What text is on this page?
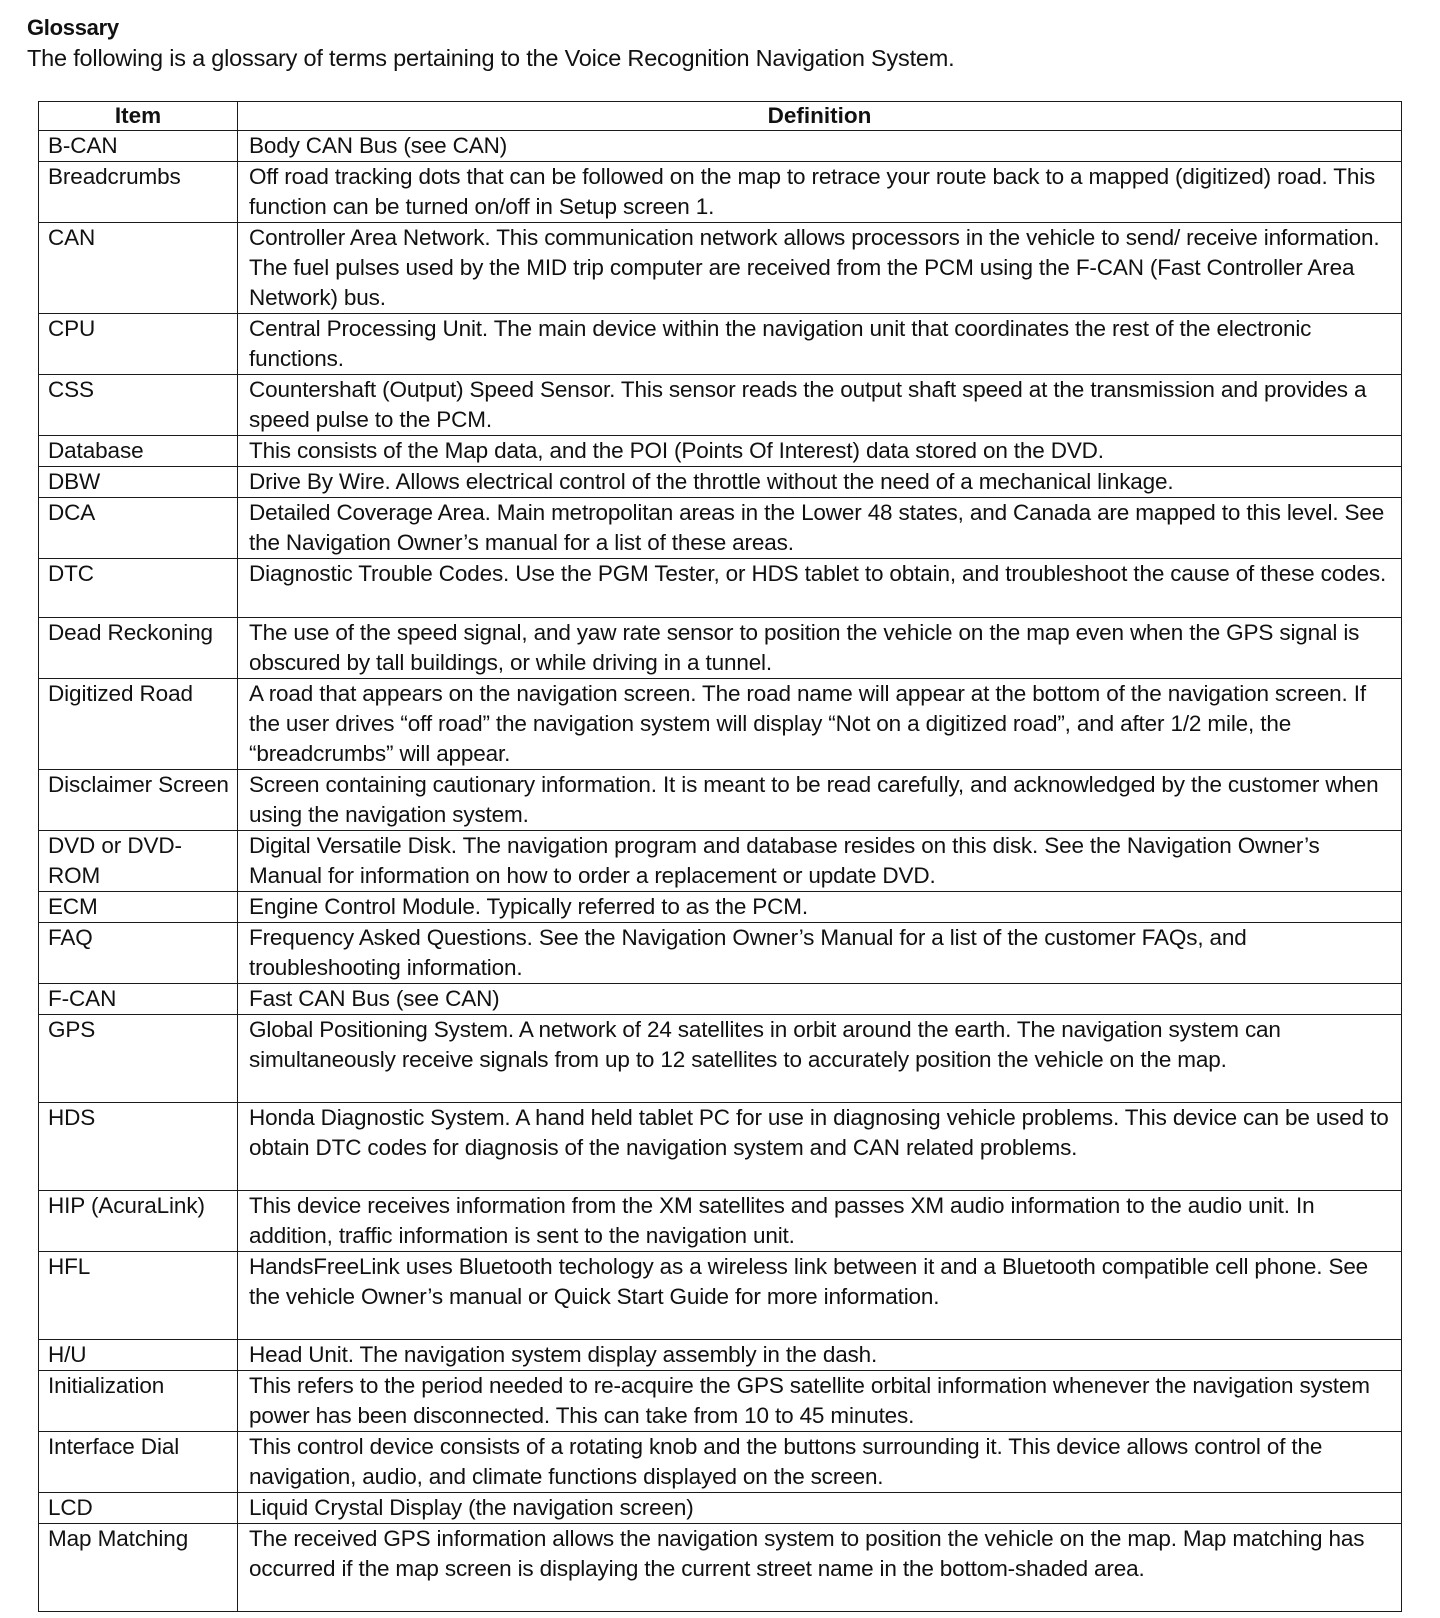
Glossary
The following is a glossary of terms pertaining to the Voice Recognition Navigation System.
Item	Definition
B-CAN	Body CAN Bus (see CAN)
Breadcrumbs	Off road tracking dots that can be followed on the map to retrace your route back to a mapped (digitized) road. This function can be turned on/off in Setup screen 1.
CAN	Controller Area Network. This communication network allows processors in the vehicle to send/ receive information. The fuel pulses used by the MID trip computer are received from the PCM using the F-CAN (Fast Controller Area Network) bus.
CPU	Central Processing Unit. The main device within the navigation unit that coordinates the rest of the electronic functions.
CSS	Countershaft (Output) Speed Sensor. This sensor reads the output shaft speed at the transmission and provides a speed pulse to the PCM.
Database	This consists of the Map data, and the POI (Points Of Interest) data stored on the DVD.
DBW	Drive By Wire. Allows electrical control of the throttle without the need of a mechanical linkage.
DCA	Detailed Coverage Area. Main metropolitan areas in the Lower 48 states, and Canada are mapped to this level. See the Navigation Owner’s manual for a list of these areas.
DTC	Diagnostic Trouble Codes. Use the PGM Tester, or HDS tablet to obtain, and troubleshoot the cause of these codes.
Dead Reckoning	The use of the speed signal, and yaw rate sensor to position the vehicle on the map even when the GPS signal is obscured by tall buildings, or while driving in a tunnel.
Digitized Road	A road that appears on the navigation screen. The road name will appear at the bottom of the navigation screen. If the user drives “off road” the navigation system will display “Not on a digitized road”, and after 1/2 mile, the “breadcrumbs” will appear.
Disclaimer Screen	Screen containing cautionary information. It is meant to be read carefully, and acknowledged by the customer when using the navigation system.
DVD or DVD-ROM	Digital Versatile Disk. The navigation program and database resides on this disk. See the Navigation Owner’s Manual for information on how to order a replacement or update DVD.
ECM	Engine Control Module. Typically referred to as the PCM.
FAQ	Frequency Asked Questions. See the Navigation Owner’s Manual for a list of the customer FAQs, and troubleshooting information.
F-CAN	Fast CAN Bus (see CAN)
GPS	Global Positioning System. A network of 24 satellites in orbit around the earth. The navigation system can simultaneously receive signals from up to 12 satellites to accurately position the vehicle on the map.
HDS	Honda Diagnostic System. A hand held tablet PC for use in diagnosing vehicle problems. This device can be used to obtain DTC codes for diagnosis of the navigation system and CAN related problems.
HIP (AcuraLink)	This device receives information from the XM satellites and passes XM audio information to the audio unit. In addition, traffic information is sent to the navigation unit.
HFL	HandsFreeLink uses Bluetooth techology as a wireless link between it and a Bluetooth compatible cell phone. See the vehicle Owner’s manual or Quick Start Guide for more information.
H/U	Head Unit. The navigation system display assembly in the dash.
Initialization	This refers to the period needed to re-acquire the GPS satellite orbital information whenever the navigation system power has been disconnected. This can take from 10 to 45 minutes.
Interface Dial	This control device consists of a rotating knob and the buttons surrounding it. This device allows control of the navigation, audio, and climate functions displayed on the screen.
LCD	Liquid Crystal Display (the navigation screen)
Map Matching	The received GPS information allows the navigation system to position the vehicle on the map. Map matching has occurred if the map screen is displaying the current street name in the bottom-shaded area.
